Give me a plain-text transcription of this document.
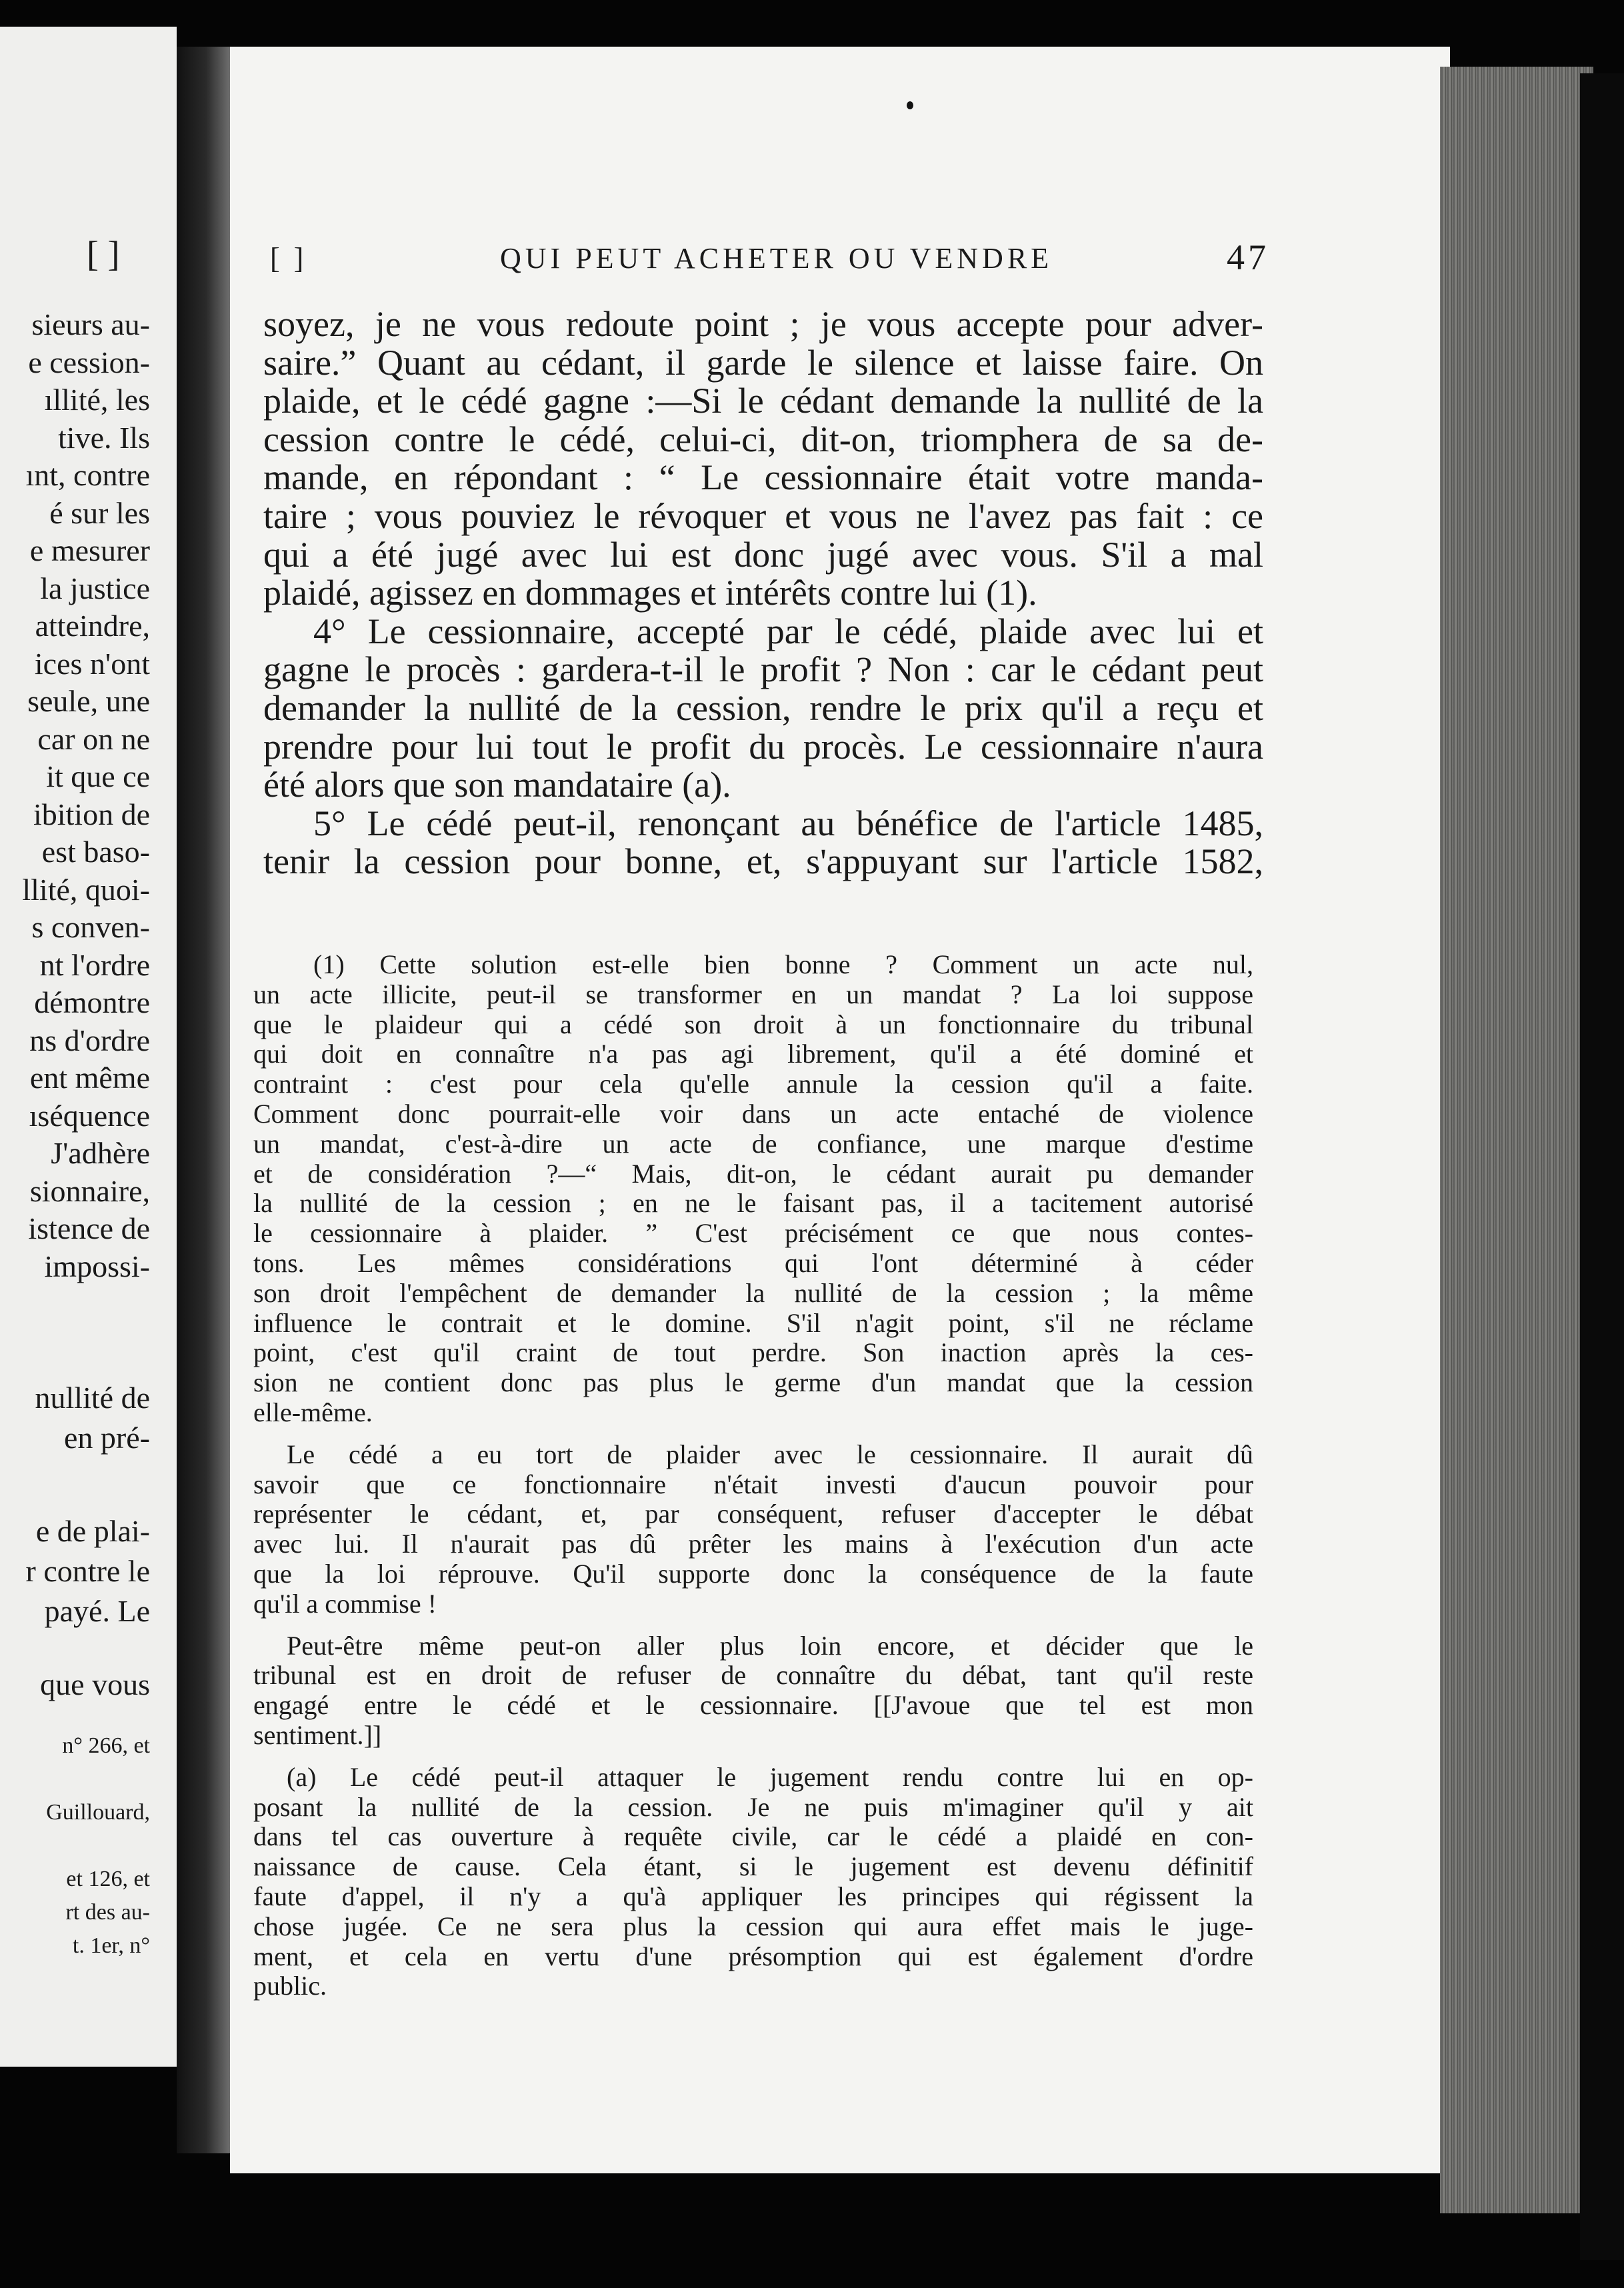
[ ]
sieurs au-
e cession-
ıllité, les
tive. Ils
ınt, contre
é sur les
e mesurer
la justice
atteindre,
ices n'ont
seule, une
car on ne
it que ce
ibition de
est baso-
llité, quoi-
s conven-
nt l'ordre
démontre
ns d'ordre
ent même
ıséquence
J'adhère
sionnaire,
istence de
impossi-
nullité de
en pré-
e de plai-
r contre le
payé. Le
que vous
n° 266, et
Guillouard,
et 126, et
rt des au-
t. 1er, n°
[ ]	QUI PEUT ACHETER OU VENDRE	47
soyez, je ne vous redoute point ; je vous accepte pour adver-
saire.” Quant au cédant, il garde le silence et laisse faire. On
plaide, et le cédé gagne :—Si le cédant demande la nullité de la
cession contre le cédé, celui-ci, dit-on, triomphera de sa de-
mande, en répondant : “ Le cessionnaire était votre manda-
taire ; vous pouviez le révoquer et vous ne l'avez pas fait : ce
qui a été jugé avec lui est donc jugé avec vous. S'il a mal
plaidé, agissez en dommages et intérêts contre lui (1).
4° Le cessionnaire, accepté par le cédé, plaide avec lui et
gagne le procès : gardera-t-il le profit ? Non : car le cédant peut
demander la nullité de la cession, rendre le prix qu'il a reçu et
prendre pour lui tout le profit du procès. Le cessionnaire n'aura
été alors que son mandataire (a).
5° Le cédé peut-il, renonçant au bénéfice de l'article 1485,
tenir la cession pour bonne, et, s'appuyant sur l'article 1582,
(1) Cette solution est-elle bien bonne ? Comment un acte nul,
un acte illicite, peut-il se transformer en un mandat ? La loi suppose
que le plaideur qui a cédé son droit à un fonctionnaire du tribunal
qui doit en connaître n'a pas agi librement, qu'il a été dominé et
contraint : c'est pour cela qu'elle annule la cession qu'il a faite.
Comment donc pourrait-elle voir dans un acte entaché de violence
un mandat, c'est-à-dire un acte de confiance, une marque d'estime
et de considération ?—“ Mais, dit-on, le cédant aurait pu demander
la nullité de la cession ; en ne le faisant pas, il a tacitement autorisé
le cessionnaire à plaider. ” C'est précisément ce que nous contes-
tons. Les mêmes considérations qui l'ont déterminé à céder
son droit l'empêchent de demander la nullité de la cession ; la même
influence le contrait et le domine. S'il n'agit point, s'il ne réclame
point, c'est qu'il craint de tout perdre. Son inaction après la ces-
sion ne contient donc pas plus le germe d'un mandat que la cession
elle-même.
Le cédé a eu tort de plaider avec le cessionnaire. Il aurait dû
savoir que ce fonctionnaire n'était investi d'aucun pouvoir pour
représenter le cédant, et, par conséquent, refuser d'accepter le débat
avec lui. Il n'aurait pas dû prêter les mains à l'exécution d'un acte
que la loi réprouve. Qu'il supporte donc la conséquence de la faute
qu'il a commise !
Peut-être même peut-on aller plus loin encore, et décider que le
tribunal est en droit de refuser de connaître du débat, tant qu'il reste
engagé entre le cédé et le cessionnaire. [[J'avoue que tel est mon
sentiment.]]
(a) Le cédé peut-il attaquer le jugement rendu contre lui en op-
posant la nullité de la cession. Je ne puis m'imaginer qu'il y ait
dans tel cas ouverture à requête civile, car le cédé a plaidé en con-
naissance de cause. Cela étant, si le jugement est devenu définitif
faute d'appel, il n'y a qu'à appliquer les principes qui régissent la
chose jugée. Ce ne sera plus la cession qui aura effet mais le juge-
ment, et cela en vertu d'une présomption qui est également d'ordre
public.
